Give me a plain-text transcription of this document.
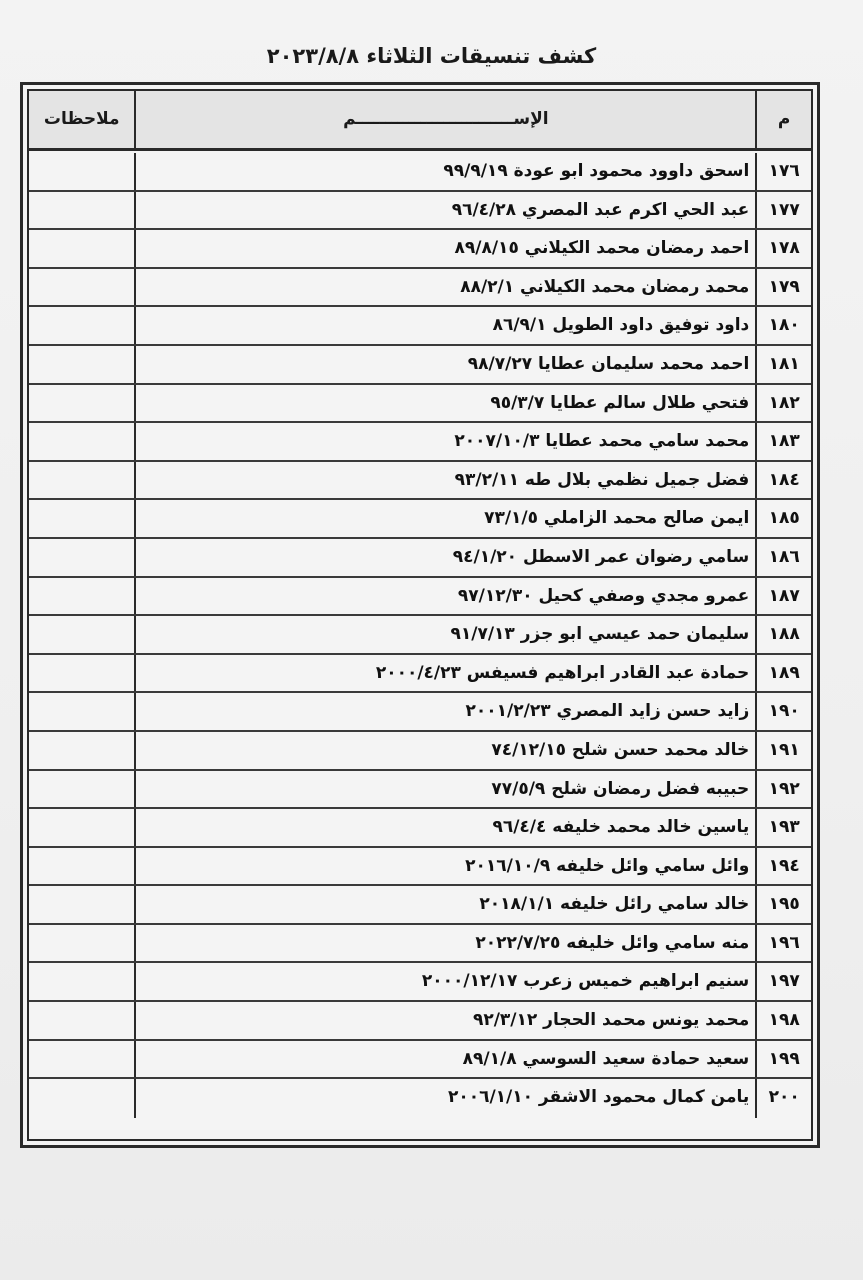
كشف تنسيقات الثلاثاء ٢٠٢٣/٨/٨
م
الإســـــــــــــــــــــــــــم
ملاحظات
١٧٦
اسحق داوود محمود ابو عودة ٩٩/٩/١٩
١٧٧
عبد الحي اكرم عبد المصري ٩٦/٤/٢٨
١٧٨
احمد رمضان محمد الكيلاني ٨٩/٨/١٥
١٧٩
محمد رمضان محمد الكيلاني ٨٨/٢/١
١٨٠
داود توفيق داود الطويل ٨٦/٩/١
١٨١
احمد محمد سليمان عطايا ٩٨/٧/٢٧
١٨٢
فتحي طلال سالم عطايا ٩٥/٣/٧
١٨٣
محمد سامي محمد عطايا ٢٠٠٧/١٠/٣
١٨٤
فضل جميل نظمي بلال طه ٩٣/٢/١١
١٨٥
ايمن صالح محمد الزاملي ٧٣/١/٥
١٨٦
سامي رضوان عمر الاسطل ٩٤/١/٢٠
١٨٧
عمرو مجدي وصفي كحيل ٩٧/١٢/٣٠
١٨٨
سليمان حمد عيسي ابو جزر ٩١/٧/١٣
١٨٩
حمادة عبد القادر ابراهيم فسيفس ٢٠٠٠/٤/٢٣
١٩٠
زايد حسن زايد المصري ٢٠٠١/٢/٢٣
١٩١
خالد محمد حسن شلح ٧٤/١٢/١٥
١٩٢
حبيبه فضل رمضان شلح ٧٧/٥/٩
١٩٣
ياسين خالد محمد خليفه ٩٦/٤/٤
١٩٤
وائل سامي وائل خليفه ٢٠١٦/١٠/٩
١٩٥
خالد سامي رائل خليفه ٢٠١٨/١/١
١٩٦
منه سامي وائل خليفه ٢٠٢٢/٧/٢٥
١٩٧
سنيم ابراهيم خميس زعرب ٢٠٠٠/١٢/١٧
١٩٨
محمد يونس محمد الحجار ٩٢/٣/١٢
١٩٩
سعيد حمادة سعيد السوسي ٨٩/١/٨
٢٠٠
يامن كمال محمود الاشقر ٢٠٠٦/١/١٠
